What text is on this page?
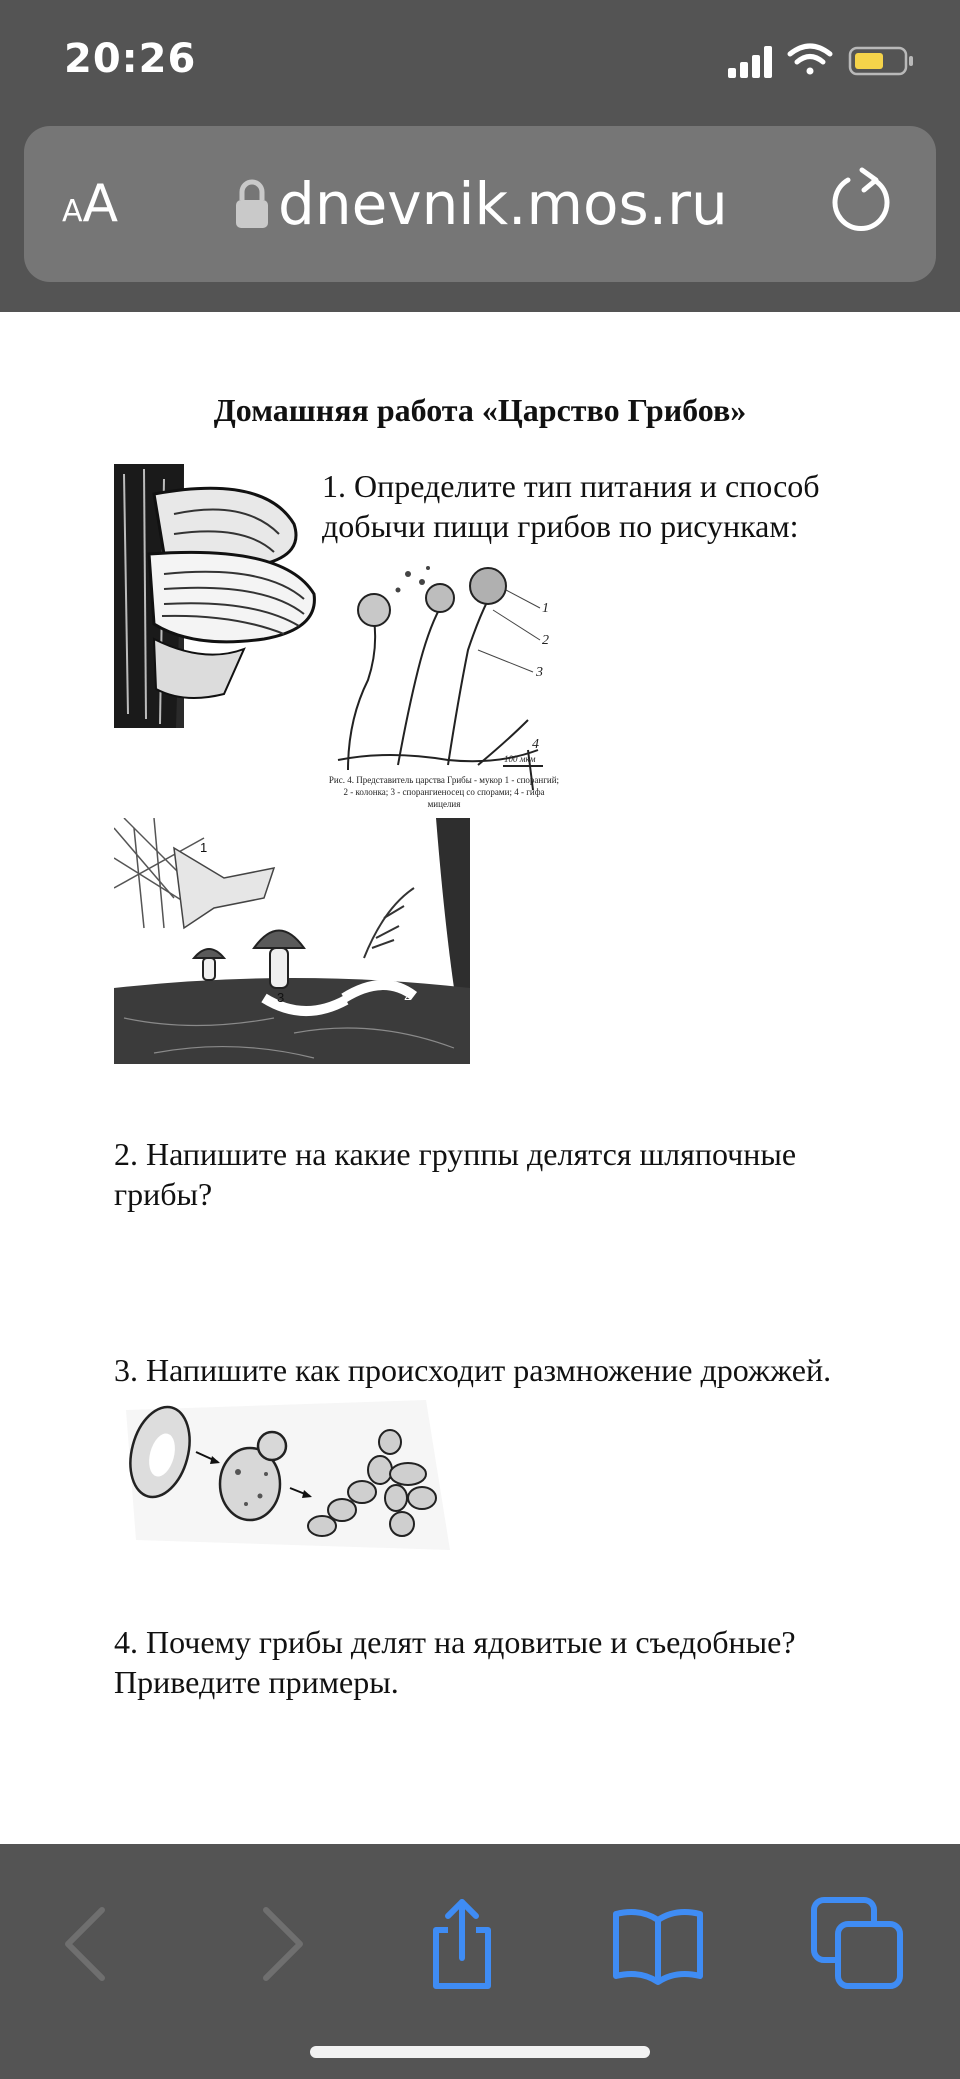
20:26
AA	dnevnik.mos.ru
Домашняя работа «Царство Грибов»
1. Определите тип питания и способ добычи пищи грибов по рисункам:
1
2
3
4
100 мкм
Рис. 4. Представитель царства Грибы - мукор 1 - спорангий; 2 - колонка; 3 - спорангиеносец со спорами; 4 - гифа мицелия
1
3	2
2. Напишите на какие группы делятся шляпочные грибы?
3. Напишите как происходит размножение дрожжей.
4. Почему грибы делят на ядовитые и съедобные? Приведите примеры.
